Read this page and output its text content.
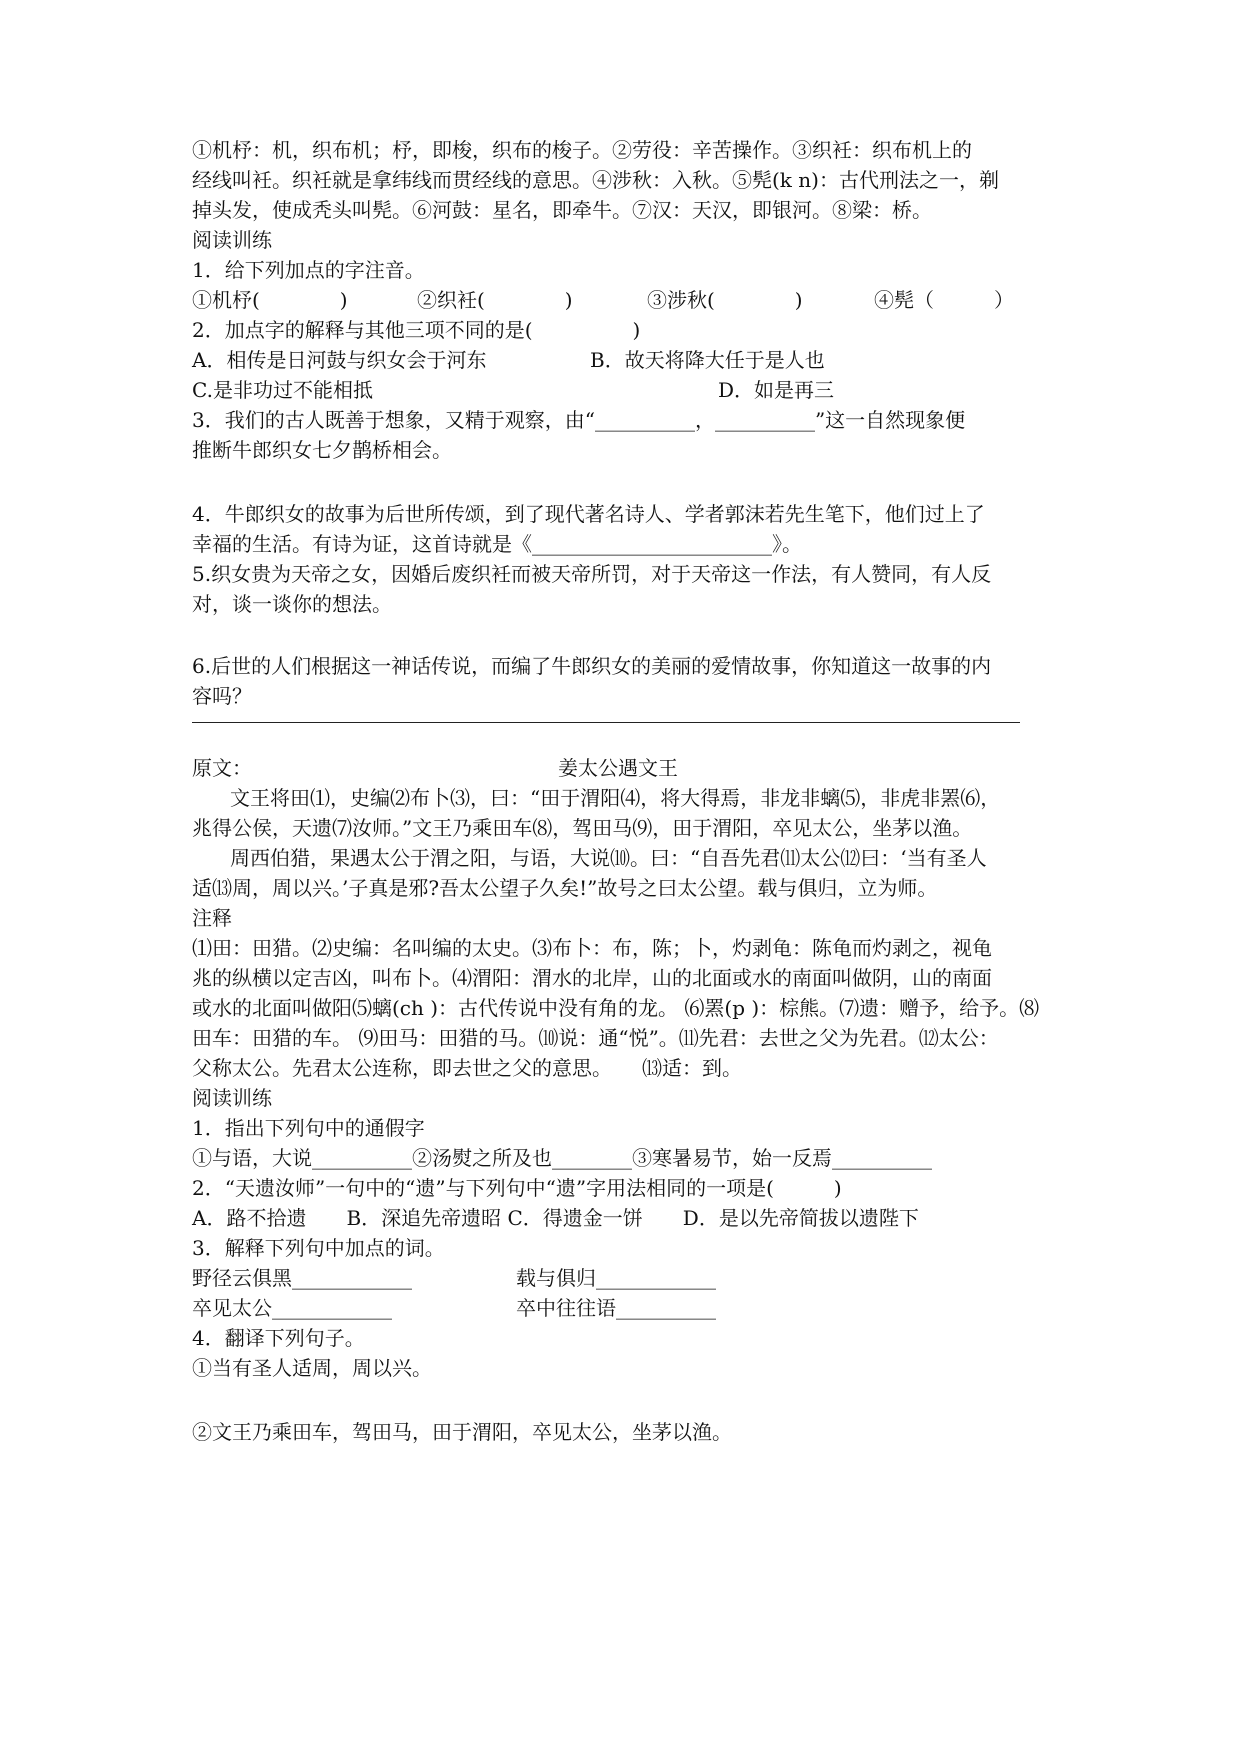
①机杼：机，织布机；杼，即梭，织布的梭子。②劳役：辛苦操作。③织衽：织布机上的
经线叫衽。织衽就是拿纬线而贯经线的意思。④涉秋：入秋。⑤髡(k n)：古代刑法之一，剃
掉头发，使成秃头叫髡。⑥河鼓：星名，即牵牛。⑦汉：天汉，即银河。⑧梁：桥。
阅读训练
1．给下列加点的字注音。
①机杼(　　　　)	②织衽(　　　　)	③涉秋(　　　　)	④髡（　　　）
2．加点字的解释与其他三项不同的是(　　　　　)
A．相传是日河鼓与织女会于河东	B．故天将降大任于是人也
C.是非功过不能相抵	D．如是再三
3．我们的古人既善于想象，又精于观察，由“__________，__________”这一自然现象便
推断牛郎织女七夕鹊桥相会。
4．牛郎织女的故事为后世所传颂，到了现代著名诗人、学者郭沫若先生笔下，他们过上了
幸福的生活。有诗为证，这首诗就是《________________________》。
5.织女贵为天帝之女，因婚后废织衽而被天帝所罚，对于天帝这一作法，有人赞同，有人反
对，谈一谈你的想法。
6.后世的人们根据这一神话传说，而编了牛郎织女的美丽的爱情故事，你知道这一故事的内
容吗？
原文：	姜太公遇文王
文王将田⑴，史编⑵布卜⑶，曰：“田于渭阳⑷，将大得焉，非龙非螭⑸，非虎非罴⑹，
兆得公侯，天遗⑺汝师。”文王乃乘田车⑻，驾田马⑼，田于渭阳，卒见太公，坐茅以渔。
周西伯猎，果遇太公于渭之阳，与语，大说⑽。曰：“自吾先君⑾太公⑿曰：‘当有圣人
适⒀周，周以兴。’子真是邪?吾太公望子久矣!”故号之曰太公望。载与俱归，立为师。
注释
⑴田：田猎。⑵史编：名叫编的太史。⑶布卜：布，陈；卜，灼剥龟：陈龟而灼剥之，视龟
兆的纵横以定吉凶，叫布卜。⑷渭阳：渭水的北岸，山的北面或水的南面叫做阴，山的南面
或水的北面叫做阳⑸螭(ch )：古代传说中没有角的龙。 ⑹罴(p )：棕熊。⑺遗：赠予，给予。⑻
田车：田猎的车。 ⑼田马：田猎的马。⑽说：通“悦”。⑾先君：去世之父为先君。⑿太公：
父称太公。先君太公连称，即去世之父的意思。　　⒀适：到。
阅读训练
1．指出下列句中的通假字
①与语，大说__________②汤熨之所及也________③寒暑易节，始一反焉__________
2．“天遗汝师”一句中的“遗”与下列句中“遗”字用法相同的一项是(　　　)
A．路不拾遗　　B．深追先帝遗昭 C．得遗金一饼　　D．是以先帝简拔以遗陛下
3．解释下列句中加点的词。
野径云俱黑____________	载与俱归____________
卒见太公____________	卒中往往语__________
4．翻译下列句子。
①当有圣人适周，周以兴。
②文王乃乘田车，驾田马，田于渭阳，卒见太公，坐茅以渔。
